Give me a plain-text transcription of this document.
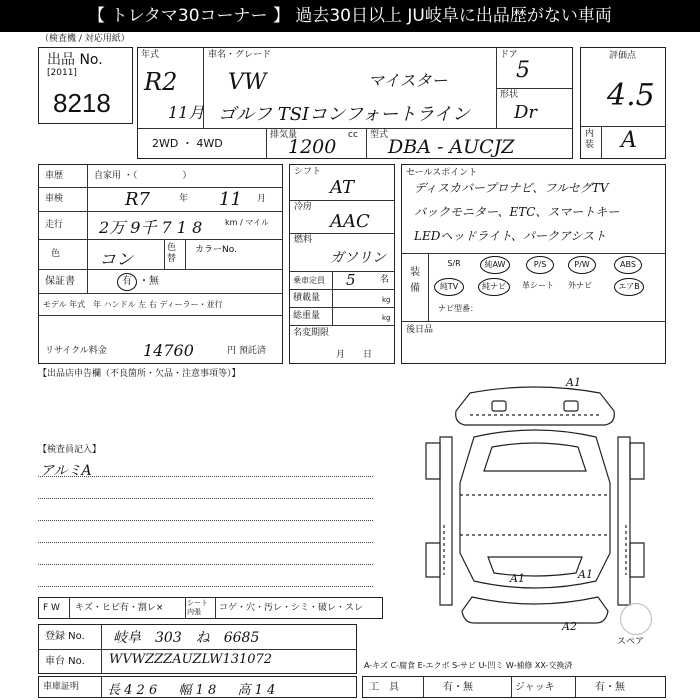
【 トレタマ30コーナー 】 過去30日以上 JU岐阜に出品歴がない車両
（検査機 / 対応用紙）
出品 No.
[2011]
8218
年式
R2
11月
車名・グレード
VW	マイスター
ゴルフ TSIコンフォートライン
ドア
5
形状
Dr
2WD ・ 4WD
排気量	cc
1200
型式
DBA - AUCJZ
評価点
4.5
内装 A
車歴	自家用 ・（　　　　　）
車検	R7	年 11 月
走行 2万 9千 7 1 8	km / マイル
色 コン
色替
カラーNo.
保証書	有 ・無
モデル 年式　年 ハンドル 左 右 ディーラー・並行
リサイクル料金 14760	円 預託済
シフト
AT
冷房
AAC
燃料
ガソリン
乗車定員 5	名
積載量	kg
総重量	kg
名変期限
月　　日
セールスポイント
ディスカバープロナビ、フルセグTV
バックモニター、ETC、スマートキー
LEDヘッドライト、パークアシスト
装備
S/R	純AW	P/S	P/W	ABS
純TV	純ナビ	革シート	外ナビ	エアB
ナビ型番：
後日品
【出品店申告欄（不良箇所・欠品・注意事項等）】
【検査員記入】
アルミA
A1
A1
A1
A2
スペア
F W キズ・ヒビ有・割レ×	シート 内張	コゲ・穴・汚レ・シミ・破レ・スレ
登録 No. 岐阜　303　ね　6685
車台 No. WVWZZZAUZLW131072	A-キズ C-腐食 E-エクボ S-サビ U-凹ミ W-補修 XX-交換済
車庫証明 長 4 2 6 　 幅 1 8 　 高 1 4	工　具	有・無	ジャッキ	有・無
